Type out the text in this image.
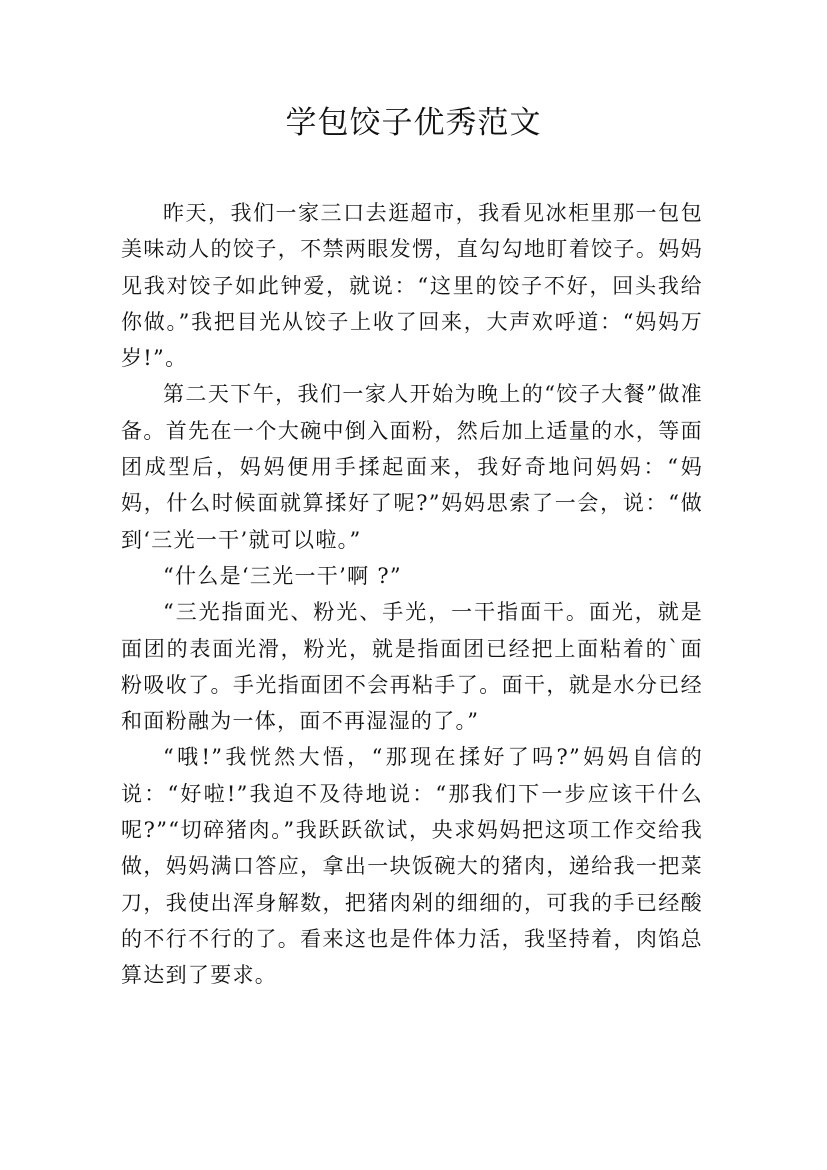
学包饺子优秀范文

昨天，我们一家三口去逛超市，我看见冰柜里那一包包美味动人的饺子，不禁两眼发愣，直勾勾地盯着饺子。妈妈见我对饺子如此钟爱，就说：“这里的饺子不好，回头我给你做。”我把目光从饺子上收了回来，大声欢呼道：“妈妈万岁!”。

第二天下午，我们一家人开始为晚上的“饺子大餐”做准备。首先在一个大碗中倒入面粉，然后加上适量的水，等面团成型后，妈妈便用手揉起面来，我好奇地问妈妈：“妈妈，什么时候面就算揉好了呢?”妈妈思索了一会，说：“做到‘三光一干’就可以啦。”

“什么是‘三光一干’啊 ?”

“三光指面光、粉光、手光，一干指面干。面光，就是面团的表面光滑，粉光，就是指面团已经把上面粘着的`面粉吸收了。手光指面团不会再粘手了。面干，就是水分已经和面粉融为一体，面不再湿湿的了。”

“哦!”我恍然大悟，“那现在揉好了吗?”妈妈自信的说：“好啦!”我迫不及待地说：“那我们下一步应该干什么呢?”“切碎猪肉。”我跃跃欲试，央求妈妈把这项工作交给我做，妈妈满口答应，拿出一块饭碗大的猪肉，递给我一把菜刀，我使出浑身解数，把猪肉剁的细细的，可我的手已经酸的不行不行的了。看来这也是件体力活，我坚持着，肉馅总算达到了要求。
